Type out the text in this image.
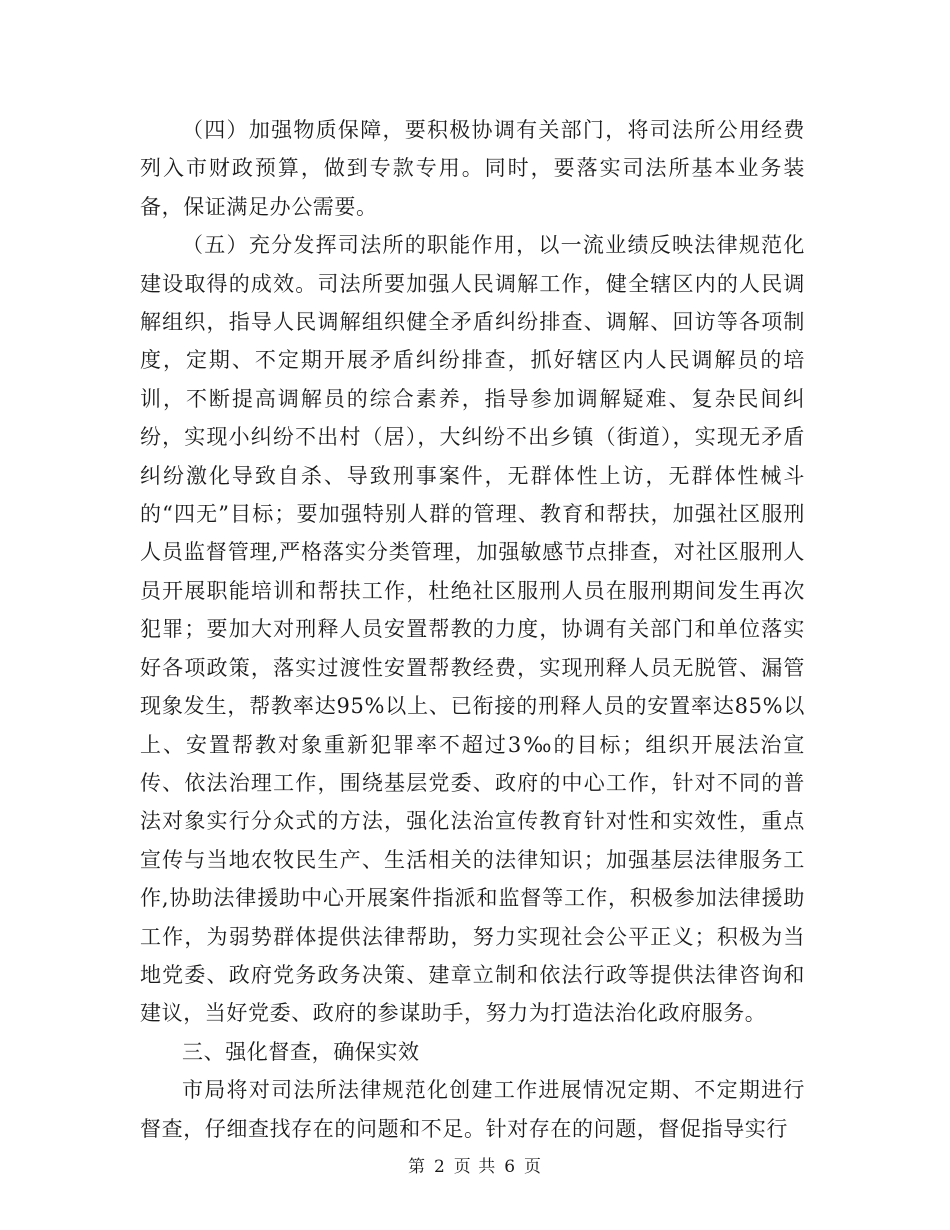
（四）加强物质保障，要积极协调有关部门，将司法所公用经费列入市财政预算，做到专款专用。同时，要落实司法所基本业务装备，保证满足办公需要。

（五）充分发挥司法所的职能作用，以一流业绩反映法律规范化建设取得的成效。司法所要加强人民调解工作，健全辖区内的人民调解组织，指导人民调解组织健全矛盾纠纷排查、调解、回访等各项制度，定期、不定期开展矛盾纠纷排查，抓好辖区内人民调解员的培训，不断提高调解员的综合素养，指导参加调解疑难、复杂民间纠纷，实现小纠纷不出村（居），大纠纷不出乡镇（街道），实现无矛盾纠纷激化导致自杀、导致刑事案件，无群体性上访，无群体性械斗的“四无”目标；要加强特别人群的管理、教育和帮扶，加强社区服刑人员监督管理,严格落实分类管理，加强敏感节点排查，对社区服刑人员开展职能培训和帮扶工作，杜绝社区服刑人员在服刑期间发生再次犯罪；要加大对刑释人员安置帮教的力度，协调有关部门和单位落实好各项政策，落实过渡性安置帮教经费，实现刑释人员无脱管、漏管现象发生，帮教率达95%以上、已衔接的刑释人员的安置率达85%以上、安置帮教对象重新犯罪率不超过3‰的目标；组织开展法治宣传、依法治理工作，围绕基层党委、政府的中心工作，针对不同的普法对象实行分众式的方法，强化法治宣传教育针对性和实效性，重点宣传与当地农牧民生产、生活相关的法律知识；加强基层法律服务工作,协助法律援助中心开展案件指派和监督等工作，积极参加法律援助工作，为弱势群体提供法律帮助，努力实现社会公平正义；积极为当地党委、政府党务政务决策、建章立制和依法行政等提供法律咨询和建议，当好党委、政府的参谋助手，努力为打造法治化政府服务。

三、强化督查，确保实效

市局将对司法所法律规范化创建工作进展情况定期、不定期进行督查，仔细查找存在的问题和不足。针对存在的问题，督促指导实行

第 2 页 共 6 页
